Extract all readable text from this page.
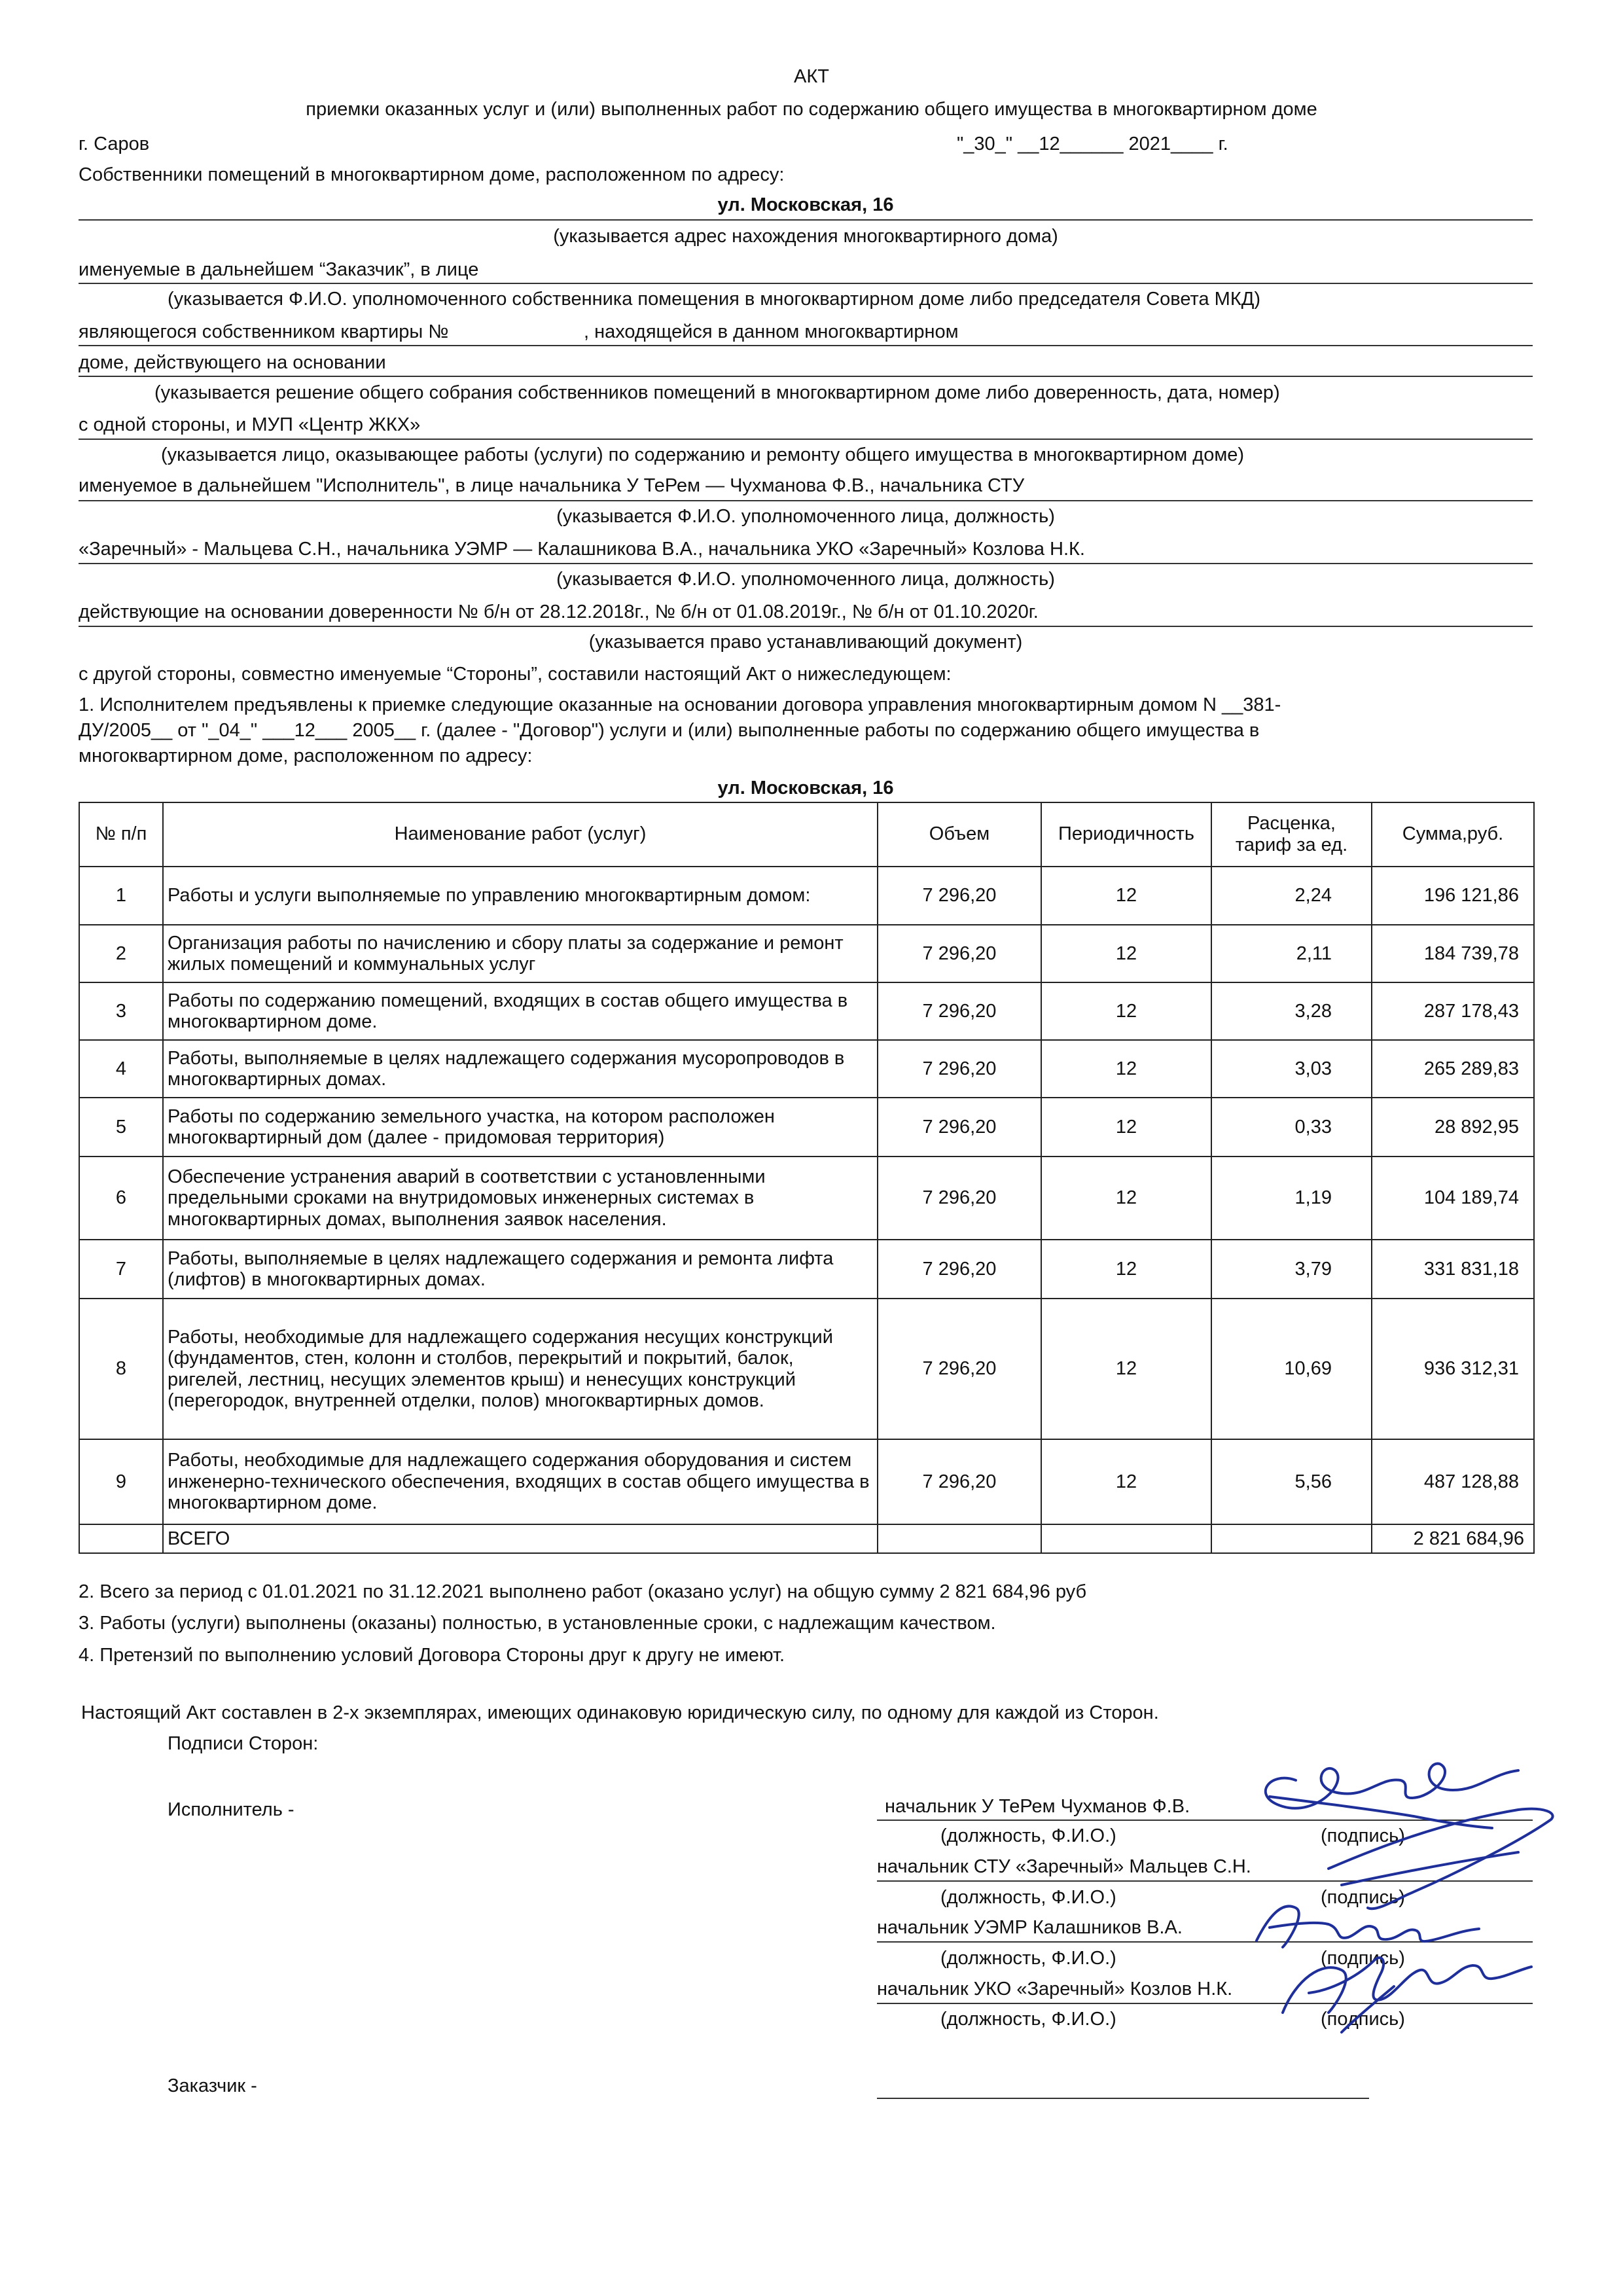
АКТ
приемки оказанных услуг и (или) выполненных работ по содержанию общего имущества в многоквартирном доме
г. Саров	"_30_" __12______ 2021____ г.
Собственники помещений в многоквартирном доме, расположенном по адресу:
ул. Московская, 16
(указывается адрес нахождения многоквартирного дома)
именуемые в дальнейшем “Заказчик”, в лице
(указывается Ф.И.О. уполномоченного собственника помещения в многоквартирном доме либо председателя Совета МКД)
являющегося собственником квартиры №	, находящейся в данном многоквартирном
доме, действующего на основании
(указывается решение общего собрания собственников помещений в многоквартирном доме либо доверенность, дата, номер)
с одной стороны, и МУП «Центр ЖКХ»
(указывается лицо, оказывающее работы (услуги) по содержанию и ремонту общего имущества в многоквартирном доме)
именуемое в дальнейшем "Исполнитель", в лице начальника У ТеРем — Чухманова Ф.В., начальника СТУ
(указывается Ф.И.О. уполномоченного лица, должность)
«Заречный» - Мальцева С.Н., начальника УЭМР — Калашникова В.А., начальника УКО «Заречный» Козлова Н.К.
(указывается Ф.И.О. уполномоченного лица, должность)
действующие на основании доверенности № б/н от 28.12.2018г., № б/н от 01.08.2019г., № б/н от 01.10.2020г.
(указывается право устанавливающий документ)
с другой стороны, совместно именуемые “Стороны”, составили настоящий Акт о нижеследующем:
1. Исполнителем предъявлены к приемке следующие оказанные на основании договора управления многоквартирным домом N __381-
ДУ/2005__ от "_04_" ___12___ 2005__ г. (далее - "Договор") услуги и (или) выполненные работы по содержанию общего имущества в
многоквартирном доме, расположенном по адресу:
ул. Московская, 16
№ п/п	Наименование работ (услуг)	Объем	Периодичность	Расценка,
тариф за ед.	Сумма,руб.
1	Работы и услуги выполняемые по управлению многоквартирным домом:	7 296,20	12	2,24	196 121,86
2	Организация работы по начислению и сбору платы за содержание и ремонт жилых помещений и коммунальных услуг	7 296,20	12	2,11	184 739,78
3	Работы по содержанию помещений, входящих в состав общего имущества в многоквартирном доме.	7 296,20	12	3,28	287 178,43
4	Работы, выполняемые в целях надлежащего содержания мусоропроводов в многоквартирных домах.	7 296,20	12	3,03	265 289,83
5	Работы по содержанию земельного участка, на котором расположен многоквартирный дом (далее - придомовая территория)	7 296,20	12	0,33	28 892,95
6	Обеспечение устранения аварий в соответствии с установленными предельными сроками на внутридомовых инженерных системах в многоквартирных домах, выполнения заявок населения.	7 296,20	12	1,19	104 189,74
7	Работы, выполняемые в целях надлежащего содержания и ремонта лифта (лифтов) в многоквартирных домах.	7 296,20	12	3,79	331 831,18
8	Работы, необходимые для надлежащего содержания несущих конструкций (фундаментов, стен, колонн и столбов, перекрытий и покрытий, балок, ригелей, лестниц, несущих элементов крыш) и ненесущих конструкций (перегородок, внутренней отделки, полов) многоквартирных домов.	7 296,20	12	10,69	936 312,31
9	Работы, необходимые для надлежащего содержания оборудования и систем инженерно-технического обеспечения, входящих в состав общего имущества в многоквартирном доме.	7 296,20	12	5,56	487 128,88
	ВСЕГО				2 821 684,96
2. Всего за период с 01.01.2021 по 31.12.2021 выполнено работ (оказано услуг) на общую сумму 2 821 684,96 руб
3. Работы (услуги) выполнены (оказаны) полностью, в установленные сроки, с надлежащим качеством.
4. Претензий по выполнению условий Договора Стороны друг к другу не имеют.
Настоящий Акт составлен в 2-х экземплярах, имеющих одинаковую юридическую силу, по одному для каждой из Сторон.
Подписи Сторон:
Исполнитель -	начальник У ТеРем Чухманов Ф.В.
(должность, Ф.И.О.)	(подпись)
начальник СТУ «Заречный» Мальцев С.Н.
(должность, Ф.И.О.)	(подпись)
начальник УЭМР Калашников В.А.
(должность, Ф.И.О.)	(подпись)
начальник УКО «Заречный» Козлов Н.К.
(должность, Ф.И.О.)	(подпись)
Заказчик -
